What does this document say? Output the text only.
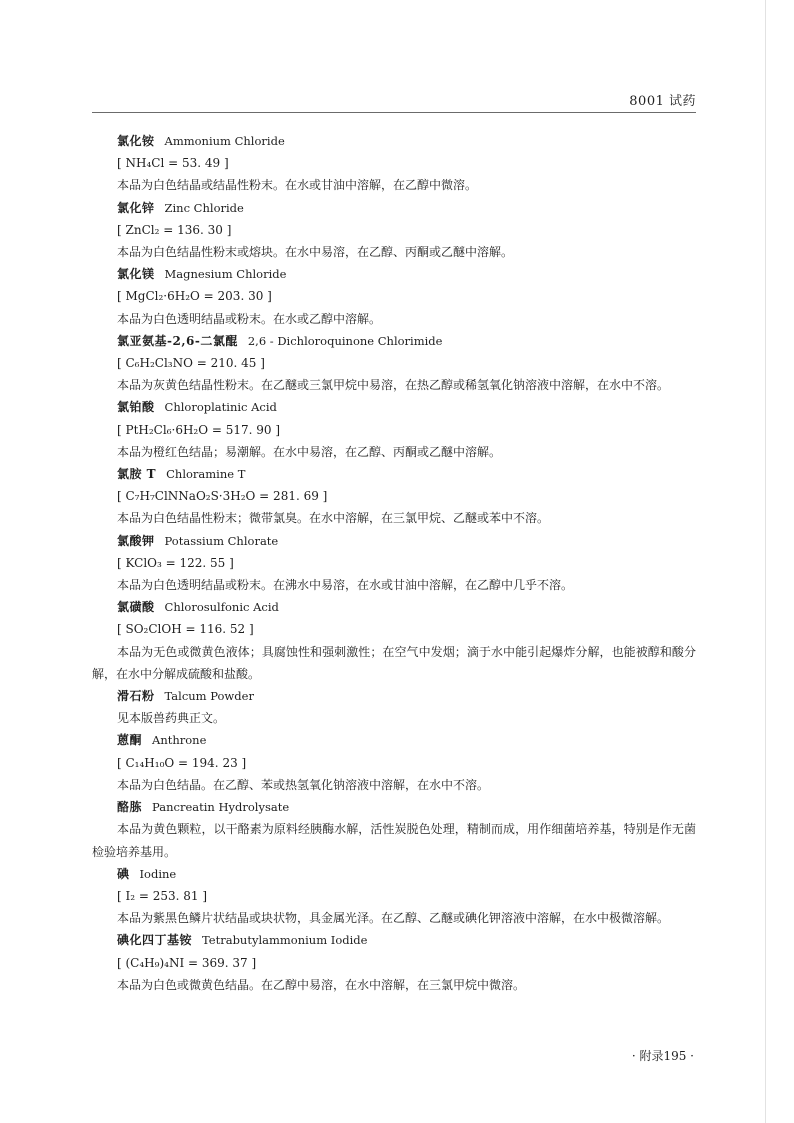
8001 试药
氯化铵 Ammonium Chloride
[ NH₄Cl = 53. 49 ]

本品为白色结晶或结晶性粉末。在水或甘油中溶解，在乙醇中微溶。

氯化锌 Zinc Chloride
[ ZnCl₂ = 136. 30 ]

本品为白色结晶性粉末或熔块。在水中易溶，在乙醇、丙酮或乙醚中溶解。

氯化镁 Magnesium Chloride
[ MgCl₂·6H₂O = 203. 30 ]

本品为白色透明结晶或粉末。在水或乙醇中溶解。

氯亚氨基-2,6-二氯醌 2,6 - Dichloroquinone Chlorimide
[ C₆H₂Cl₃NO = 210. 45 ]

本品为灰黄色结晶性粉末。在乙醚或三氯甲烷中易溶，在热乙醇或稀氢氧化钠溶液中溶解，在水中不溶。

氯铂酸 Chloroplatinic Acid
[ PtH₂Cl₆·6H₂O = 517. 90 ]

本品为橙红色结晶；易潮解。在水中易溶，在乙醇、丙酮或乙醚中溶解。

氯胺 T Chloramine T
[ C₇H₇ClNNaO₂S·3H₂O = 281. 69 ]

本品为白色结晶性粉末；微带氯臭。在水中溶解，在三氯甲烷、乙醚或苯中不溶。

氯酸钾 Potassium Chlorate
[ KClO₃ = 122. 55 ]

本品为白色透明结晶或粉末。在沸水中易溶，在水或甘油中溶解，在乙醇中几乎不溶。

氯磺酸 Chlorosulfonic Acid
[ SO₂ClOH = 116. 52 ]

本品为无色或微黄色液体；具腐蚀性和强刺激性；在空气中发烟；滴于水中能引起爆炸分解，也能被醇和酸分解，在水中分解成硫酸和盐酸。

滑石粉 Talcum Powder

见本版兽药典正文。

蒽酮 Anthrone
[ C₁₄H₁₀O = 194. 23 ]

本品为白色结晶。在乙醇、苯或热氢氧化钠溶液中溶解，在水中不溶。

酪胨 Pancreatin Hydrolysate

本品为黄色颗粒，以干酪素为原料经胰酶水解，活性炭脱色处理，精制而成，用作细菌培养基，特别是作无菌检验培养基用。

碘 Iodine
[ I₂ = 253. 81 ]

本品为紫黑色鳞片状结晶或块状物，具金属光泽。在乙醇、乙醚或碘化钾溶液中溶解，在水中极微溶解。

碘化四丁基铵 Tetrabutylammonium Iodide
[ (C₄H₉)₄NI = 369. 37 ]

本品为白色或微黄色结晶。在乙醇中易溶，在水中溶解，在三氯甲烷中微溶。

· 附录195 ·
